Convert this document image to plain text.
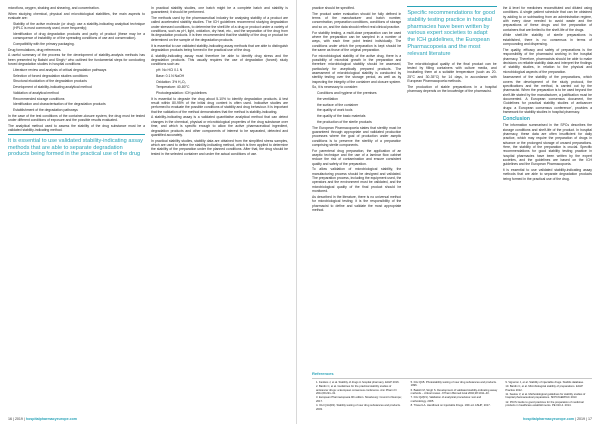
microflora, oxygen, shaking and shearing, and concentration.

When studying chemical, physical and microbiological stabilities, the main aspects to evaluate are:

• Stability of the active molecule (or drug): use a stability-indicating analytical technique (HPLC is most commonly used, more frequently);
• Identification of drug degradation products and purity of product (these may be a consequence of instability or of the spreading conditions of use and conservation).
• Compatibility with the primary packaging.

Drug formulations, drug references.

A useful summary of the process for the development of stability-analysis methods has been presented by Bakshi and Singh,⁶ who outlined the fundamental steps for conducting forced degradation studies in hospital conditions:

• Literature review and analysis of critical degradation pathways
• Selection of forced degradation studies conditions
• Structural elucidation of the degradation products
• Development of stability-indicating analytical method
• Validation of analytical method
• Recommended storage conditions
• Identification and characterisation of the degradation products
• Establishment of the degradation pathways

In the case of the test conditions of the container-closure system, the drug must be tested under different conditions of exposure and the possible results evaluated.

The analytical method used to assess the stability of the drug substance must be a validated stability-indicating method.

It is essential to use validated stability-indicating assay methods that are able to separate degradation products being formed in the practical use of the drug

In practical stability studies, one batch might be a complete batch and stability is guaranteed; it should be performed.

The methods used by the pharmaceutical industry for analysing stability of a product are called accelerated stability studies. The ICH guidelines recommend studying degradation under stressed conditions, to determine the shelf-life of a drug or product under a variety of conditions, such as pH, light, oxidation, dry heat, etc., and the separation of the drug from its degradation products. It is then recommended that the stability of the drug or product be determined on the sample of the degradation products.

It is essential to use validated stability-indicating assay methods that are able to distinguish degradation products being formed in the practical use of the drug.

A stability-indicating assay must therefore be able to identify drug stress and the degradation products. This usually requires the use of degradation (forced) study conditions such as:

• pH: No HCl 0.1 N
• Base: 0.1 N NaOH
• Oxidation: 3% H₂O₂
• Temperature: 40-80°C
• Photodegradation: ICH guidelines

It is essential to degrade the drug about 5-10% to identify degradation products. A test result within 80-95% of the initial drug content is often used. Indicative studies are performed to evaluate the possible conditions of stability and drug behaviour. It is important that the validation of the method demonstrates that the method is stability-indicating.

A stability-indicating assay is a validated quantitative analytical method that can detect changes in the chemical, physical or microbiological properties of the drug substance over time, and which is specific enough to allow the active pharmaceutical ingredient, degradation products and other components of interest to be separated, detected and quantified accurately.

In practical stability studies, stability data are obtained from the simplified stress samples, which are used to define the stability-indicating method, which is then applied to determine the stability of the preparation under the planned conditions. After that, the drug should be tested in the selected container and under the actual conditions of use.

16 | 2019 | hospitalpharmacyeurope.com

practice should be specified.

The product water evaluation should be fully defined in terms of the manufacturer and batch number, concentration, preparation conditions, conditions of storage and so on, and the data should reflect real clinical practice.

For stability testing, a multi-dose preparation can be used where the preparation can be sampled in a number of ways, with each time point tested individually. The conditions under which the preparation is kept should be the same as those of the original preparation.

For microbiological stability of the active drug, there is a possibility of microbial growth in the preparation and therefore microbiological stability should be assessed, particularly for aseptically prepared products. The assessment of microbiological stability is conducted by sterility testing over the storage period, as well as by inspecting the integrity of the container and closure system.

So, it is necessary to consider:

• Conditions and hygiene of the premises
• the ventilation
• the surface of the container
• the quality of work tools
• the quality of the basic materials
• the production of the sterile products

The European Pharmacopoeia states that sterility must be guaranteed through appropriate and validated production processes where the goal of production under aseptic conditions is to preserve the sterility of a preparation comprising sterile components.

For parenteral drug preparation, the application of an aseptic technique and the use of a laminar flow cabinet reduce the risk of contamination and ensure consistent quality and safety of the preparation.

To allow validation of microbiological stability, the manufacturing process should be designed and validated. The preparation process, including the equipment used, the operators and the environment must be validated, and the microbiological quality of the final product should be monitored.

As described in the literature, there is no universal method for microbiological testing; it is the responsibility of the pharmacist to define and validate the most appropriate method.

Specific recommendations for good stability testing practice in hospital pharmacies have been written by various expert societies to adapt the ICH guidelines, the European Pharmacopoeia and the most relevant literature

The microbiological quality of the final product can be tested by filling containers with culture media, and incubating them at a suitable temperature (such as 20-25°C and 30-35°C) for 14 days, in accordance with European Pharmacopoeia methods.

The production of stable preparations in a hospital pharmacy depends on the knowledge of the pharmacist.

the A level for medicines reconstituted and diluted using conditions. A single patient schedule that can be obtained by adding to or subtracting from an administration regime, with every dose needed to avoid waste and the preparations of these drugs and the preparation of containers that are limited to the shelf-life of the drugs.

While shelf-life stability of sterile preparations is established, there is no consensus in terms of compounding and dispensing.

The quality, efficacy and safety of preparations is the responsibility of the pharmacist working in the hospital pharmacy. Therefore, pharmacists should be able to make decisions on reliable stability data and interpret the findings of stability studies, in relation to the physical and microbiological aspects of the preparation.

Assessment of the stability of the preparations, which covers the development of the study protocol, the specifications and the method, is carried out by the pharmacist. When the preparation is to be used beyond the shelf-life stated by the manufacturer, a justification must be documented. A European consensus document, the 'Guidelines for practical stability studies of anticancer drugs: a European consensus conference', provides a framework for stability studies in hospital pharmacy.

Conclusion

The information summarised in the SPCs describes the storage conditions and shelf-life of the product. In hospital pharmacy, these data are often insufficient for daily practice, which may require the preparation of drugs in advance or the prolonged storage of unused preparations. Here, the stability of the preparation is crucial. Specific recommendations for good stability testing practice in hospital pharmacies have been written by the expert societies, and the guidelines are based on the ICH guidelines and the European Pharmacopoeia.

It is essential to use validated stability-indicating assay methods that are able to separate degradation products being formed in the practical use of the drug.

hospitalpharmacyeurope.com | 2019 | 17
References
1. Fanikos J, et al. Stability of drugs in hospital pharmacy. EJHP 2016.
2. Bardin C, et al. Guidelines for the practical stability studies of anticancer drugs: a European consensus conference. Ann Pharm Fr 2011;69:221–31.
3. European Pharmacopoeia 9th edition. Strasbourg: Council of Europe; 2017.
4. ICH Q1A(R2). Stability testing of new drug substances and products. 2003.
5. ICH Q1B. Photostability testing of new drug substances and products. 1996.
6. Bakshi M, Singh S. Development of validated stability-indicating assay methods – critical review. J Pharm Biomed Anal 2002;28:1011–40.
7. ICH Q2(R1). Validation of analytical procedures: text and methodology. 2005.
8. Trissel LA. Handbook on Injectable Drugs. 19th ed. ASHP; 2017.
9. Vigneron J, et al. Stability of injectable drugs. Stabilis database.
10. Bardin C, et al. Microbiological stability of preparations. EJHP Practice 2012.
11. Sautou V, et al. Methodological guidelines for stability studies of hospital pharmaceutical preparations. SFPC/GERPAC 2013.
12. PIC/S Guide to good practices for the preparation of medicinal products in healthcare establishments. PE 010-4. 2014.
